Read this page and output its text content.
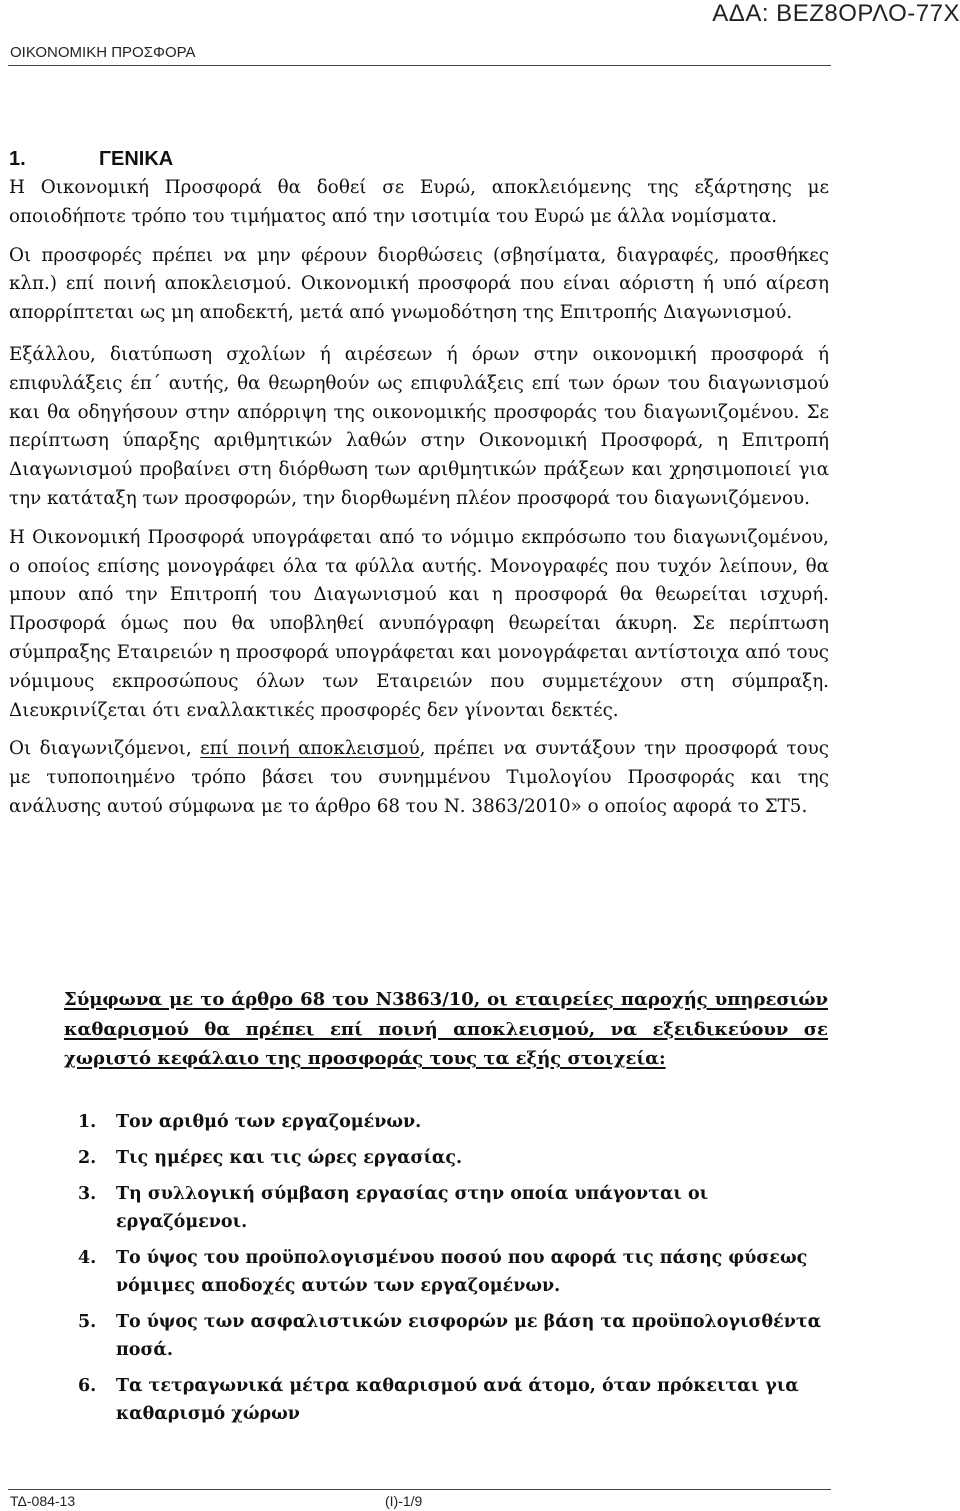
ΟΙΚΟΝΟΜΙΚΗ ΠΡΟΣΦΟΡΑ
ΑΔΑ: ΒΕΖ8ΟΡΛΟ-77Χ
1.	ΓΕΝΙΚΑ

Η Οικονομική Προσφορά θα δοθεί σε Ευρώ, αποκλειόμενης της εξάρτησης με οποιοδήποτε τρόπο του τιμήματος από την ισοτιμία του Ευρώ με άλλα νομίσματα.

Οι προσφορές πρέπει να μην φέρουν διορθώσεις (σβησίματα, διαγραφές, προσθήκες κλπ.) επί ποινή αποκλεισμού. Οικονομική προσφορά που είναι αόριστη ή υπό αίρεση απορρίπτεται ως μη αποδεκτή, μετά από γνωμοδότηση της Επιτροπής Διαγωνισμού.

Εξάλλου, διατύπωση σχολίων ή αιρέσεων ή όρων στην οικονομική προσφορά ή επιφυλάξεις έπ΄ αυτής, θα θεωρηθούν ως επιφυλάξεις επί των όρων του διαγωνισμού και θα οδηγήσουν στην απόρριψη της οικονομικής προσφοράς του διαγωνιζομένου. Σε περίπτωση ύπαρξης αριθμητικών λαθών στην Οικονομική Προσφορά, η Επιτροπή Διαγωνισμού προβαίνει στη διόρθωση των αριθμητικών πράξεων και χρησιμοποιεί για την κατάταξη των προσφορών, την διορθωμένη πλέον προσφορά του διαγωνιζόμενου.

Η Οικονομική Προσφορά υπογράφεται από το νόμιμο εκπρόσωπο του διαγωνιζομένου, ο οποίος επίσης μονογράφει όλα τα φύλλα αυτής. Μονογραφές που τυχόν λείπουν, θα μπουν από την Επιτροπή του Διαγωνισμού και η προσφορά θα θεωρείται ισχυρή. Προσφορά όμως που θα υποβληθεί ανυπόγραφη θεωρείται άκυρη. Σε περίπτωση σύμπραξης Εταιρειών η προσφορά υπογράφεται και μονογράφεται αντίστοιχα από τους νόμιμους εκπροσώπους όλων των Εταιρειών που συμμετέχουν στη σύμπραξη. Διευκρινίζεται ότι εναλλακτικές προσφορές δεν γίνονται δεκτές.

Οι διαγωνιζόμενοι, επί ποινή αποκλεισμού, πρέπει να συντάξουν την προσφορά τους με τυποποιημένο τρόπο βάσει του συνημμένου Τιμολογίου Προσφοράς και της ανάλυσης αυτού σύμφωνα με το άρθρο 68 του Ν. 3863/2010» ο οποίος αφορά το ΣΤ5.

Σύμφωνα με το άρθρο 68 του Ν3863/10, οι εταιρείες παροχής υπηρεσιών καθαρισμού θα πρέπει επί ποινή αποκλεισμού, να εξειδικεύουν σε χωριστό κεφάλαιο της προσφοράς τους τα εξής στοιχεία:
1. Τον αριθμό των εργαζομένων.
2. Τις ημέρες και τις ώρες εργασίας.
3. Τη συλλογική σύμβαση εργασίας στην οποία υπάγονται οι εργαζόμενοι.
4. Το ύψος του προϋπολογισμένου ποσού που αφορά τις πάσης φύσεως νόμιμες αποδοχές αυτών των εργαζομένων.
5. Το ύψος των ασφαλιστικών εισφορών με βάση τα προϋπολογισθέντα ποσά.
6. Τα τετραγωνικά μέτρα καθαρισμού ανά άτομο, όταν πρόκειται για καθαρισμό χώρων
ΤΔ-084-13	(Ι)-1/9
